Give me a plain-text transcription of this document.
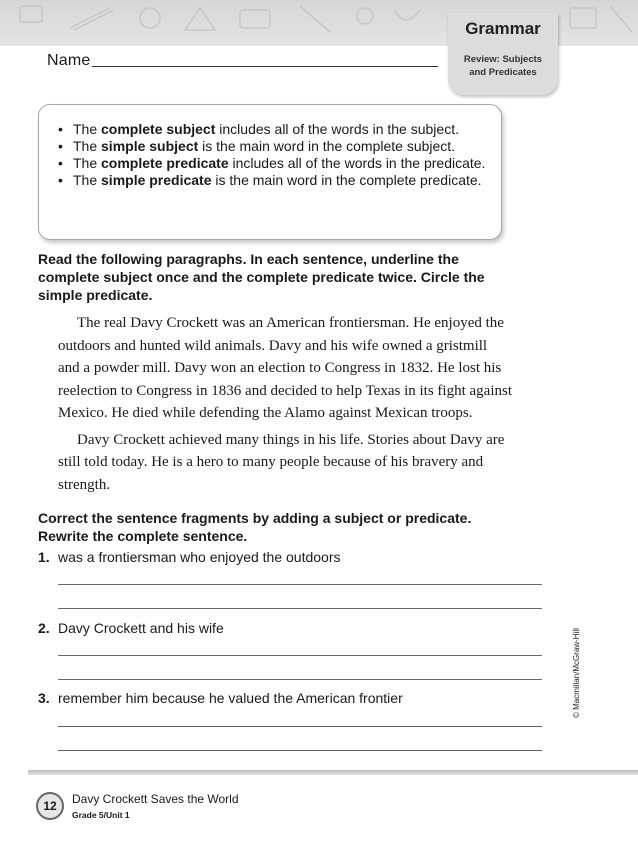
Name
Grammar
Review: Subjects
and Predicates
• The complete subject includes all of the words in the subject.
• The simple subject is the main word in the complete subject.
• The complete predicate includes all of the words in the predicate.
• The simple predicate is the main word in the complete predicate.
Read the following paragraphs. In each sentence, underline the
complete subject once and the complete predicate twice. Circle the
simple predicate.

The real Davy Crockett was an American frontiersman. He enjoyed the
outdoors and hunted wild animals. Davy and his wife owned a gristmill
and a powder mill. Davy won an election to Congress in 1832. He lost his
reelection to Congress in 1836 and decided to help Texas in its fight against
Mexico. He died while defending the Alamo against Mexican troops.

Davy Crockett achieved many things in his life. Stories about Davy are
still told today. He is a hero to many people because of his bravery and
strength.

Correct the sentence fragments by adding a subject or predicate.
Rewrite the complete sentence.
1. was a frontiersman who enjoyed the outdoors
2. Davy Crockett and his wife
3. remember him because he valued the American frontier	© Macmillan/McGraw-Hill
12	Davy Crockett Saves the World
Grade 5/Unit 1
